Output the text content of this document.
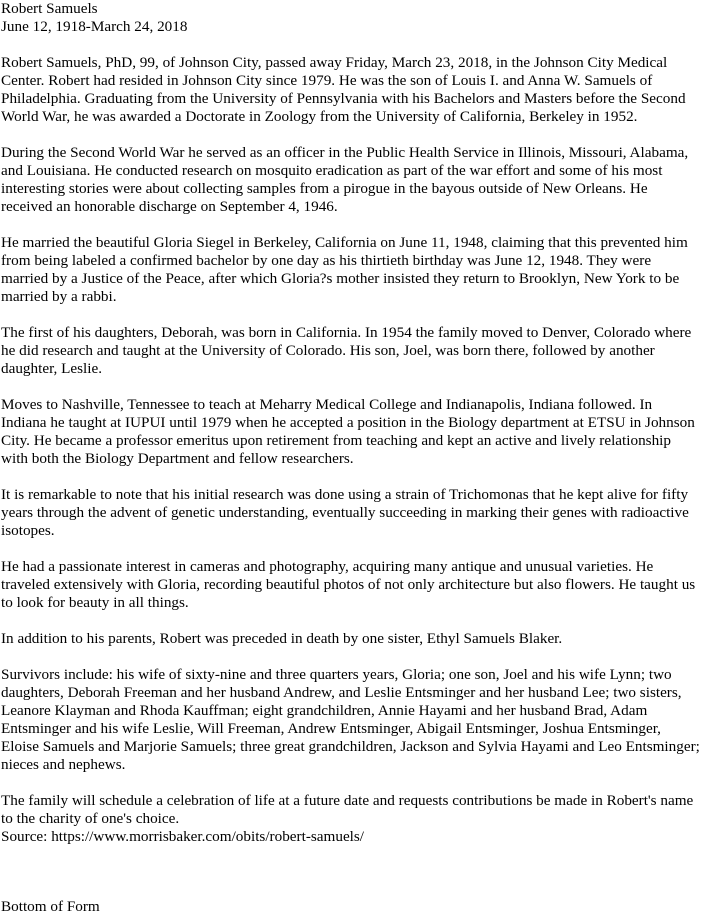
Robert Samuels
June 12, 1918-March 24, 2018

Robert Samuels, PhD, 99, of Johnson City, passed away Friday, March 23, 2018, in the Johnson City Medical Center. Robert had resided in Johnson City since 1979. He was the son of Louis I. and Anna W. Samuels of Philadelphia. Graduating from the University of Pennsylvania with his Bachelors and Masters before the Second World War, he was awarded a Doctorate in Zoology from the University of California, Berkeley in 1952.

During the Second World War he served as an officer in the Public Health Service in Illinois, Missouri, Alabama, and Louisiana. He conducted research on mosquito eradication as part of the war effort and some of his most interesting stories were about collecting samples from a pirogue in the bayous outside of New Orleans. He received an honorable discharge on September 4, 1946.

He married the beautiful Gloria Siegel in Berkeley, California on June 11, 1948, claiming that this prevented him from being labeled a confirmed bachelor by one day as his thirtieth birthday was June 12, 1948. They were married by a Justice of the Peace, after which Gloria?s mother insisted they return to Brooklyn, New York to be married by a rabbi.

The first of his daughters, Deborah, was born in California. In 1954 the family moved to Denver, Colorado where he did research and taught at the University of Colorado. His son, Joel, was born there, followed by another daughter, Leslie.

Moves to Nashville, Tennessee to teach at Meharry Medical College and Indianapolis, Indiana followed. In Indiana he taught at IUPUI until 1979 when he accepted a position in the Biology department at ETSU in Johnson City. He became a professor emeritus upon retirement from teaching and kept an active and lively relationship with both the Biology Department and fellow researchers.

It is remarkable to note that his initial research was done using a strain of Trichomonas that he kept alive for fifty years through the advent of genetic understanding, eventually succeeding in marking their genes with radioactive isotopes.

He had a passionate interest in cameras and photography, acquiring many antique and unusual varieties. He traveled extensively with Gloria, recording beautiful photos of not only architecture but also flowers. He taught us to look for beauty in all things.

In addition to his parents, Robert was preceded in death by one sister, Ethyl Samuels Blaker.

Survivors include: his wife of sixty-nine and three quarters years, Gloria; one son, Joel and his wife Lynn; two daughters, Deborah Freeman and her husband Andrew, and Leslie Entsminger and her husband Lee; two sisters, Leanore Klayman and Rhoda Kauffman; eight grandchildren, Annie Hayami and her husband Brad, Adam Entsminger and his wife Leslie, Will Freeman, Andrew Entsminger, Abigail Entsminger, Joshua Entsminger, Eloise Samuels and Marjorie Samuels; three great grandchildren, Jackson and Sylvia Hayami and Leo Entsminger; nieces and nephews.

The family will schedule a celebration of life at a future date and requests contributions be made in Robert's name to the charity of one's choice.

Source: https://www.morrisbaker.com/obits/robert-samuels/
Bottom of Form
